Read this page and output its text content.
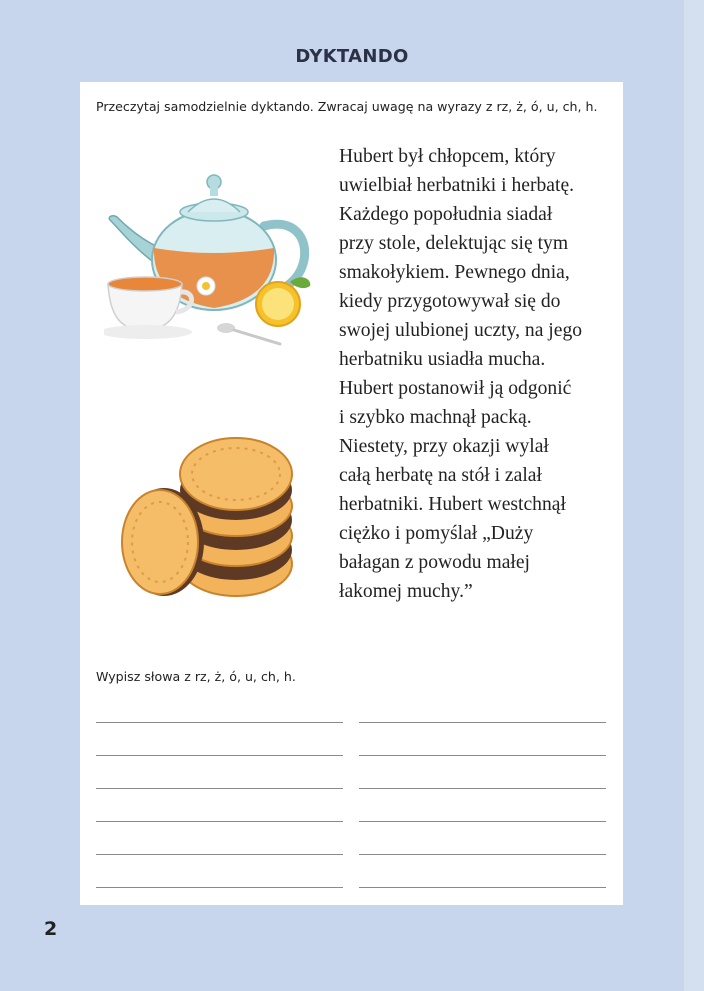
DYKTANDO
Przeczytaj samodzielnie dyktando. Zwracaj uwagę na wyrazy z rz, ż, ó, u, ch, h.
Hubert był chłopcem, który
uwielbiał herbatniki i herbatę.
Każdego popołudnia siadał
przy stole, delektując się tym
smakołykiem. Pewnego dnia,
kiedy przygotowywał się do
swojej ulubionej uczty, na jego
herbatniku usiadła mucha.
Hubert postanowił ją odgonić
i szybko machnął packą.
Niestety, przy okazji wylał
całą herbatę na stół i zalał
herbatniki. Hubert westchnął
ciężko i pomyślał „Duży
bałagan z powodu małej
łakomej muchy.”
Wypisz słowa z rz, ż, ó, u, ch, h.
2
